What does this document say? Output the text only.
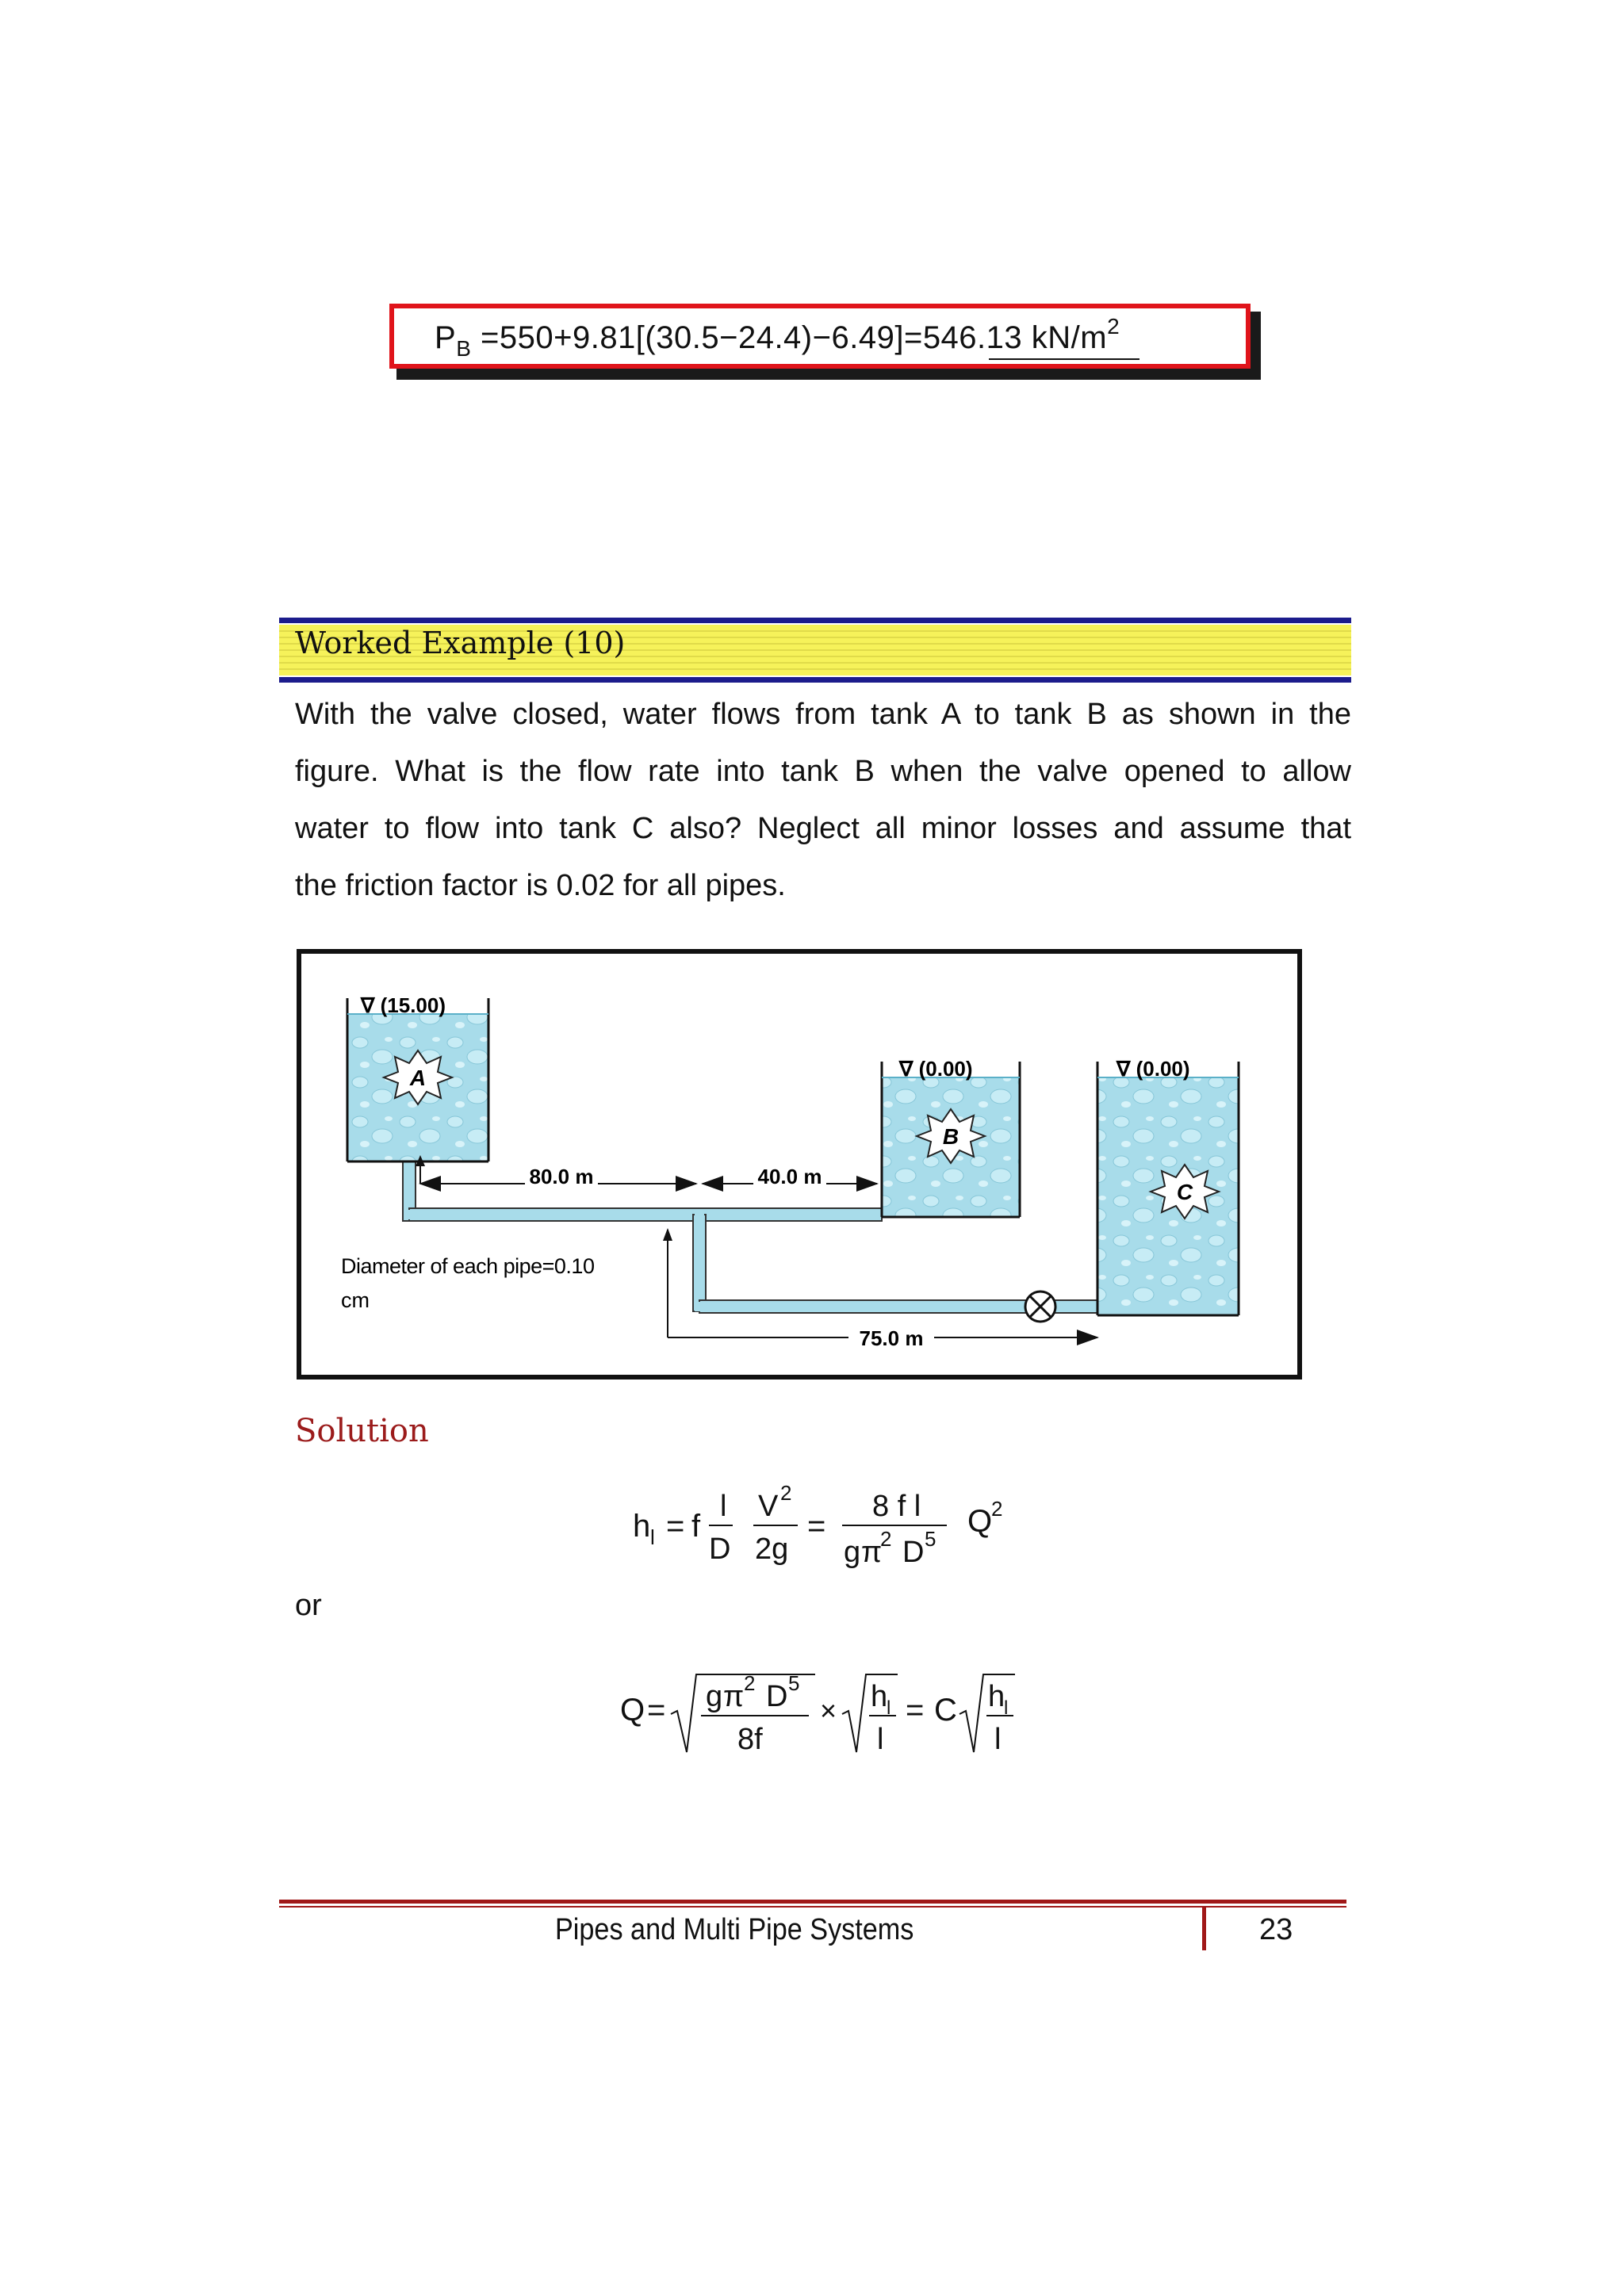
$P_B =550+9.81[(30.5-24.4)-6.49]=546.13$ $kN/m^2$
Worked Example (10)
With the valve closed, water flows from tank A to tank B as shown in the
figure. What is the flow rate into tank B when the valve opened to allow
water to flow into tank C also? Neglect all minor losses and assume that
the friction factor is 0.02 for all pipes.
∇ (15.00)
A	∇ (0.00)
B
∇ (0.00)
C
80.0 m	40.0 m
75.0 m
Diameter of each pipe=0.10
cm
Solution
h l = f
l
D
V 2
2g
=
8 f l
g π
2 D 5 Q
2
or
Q = g π 2 D 5
8f
× h
l
l
= C h
l
l
Pipes and Multi Pipe Systems	23
